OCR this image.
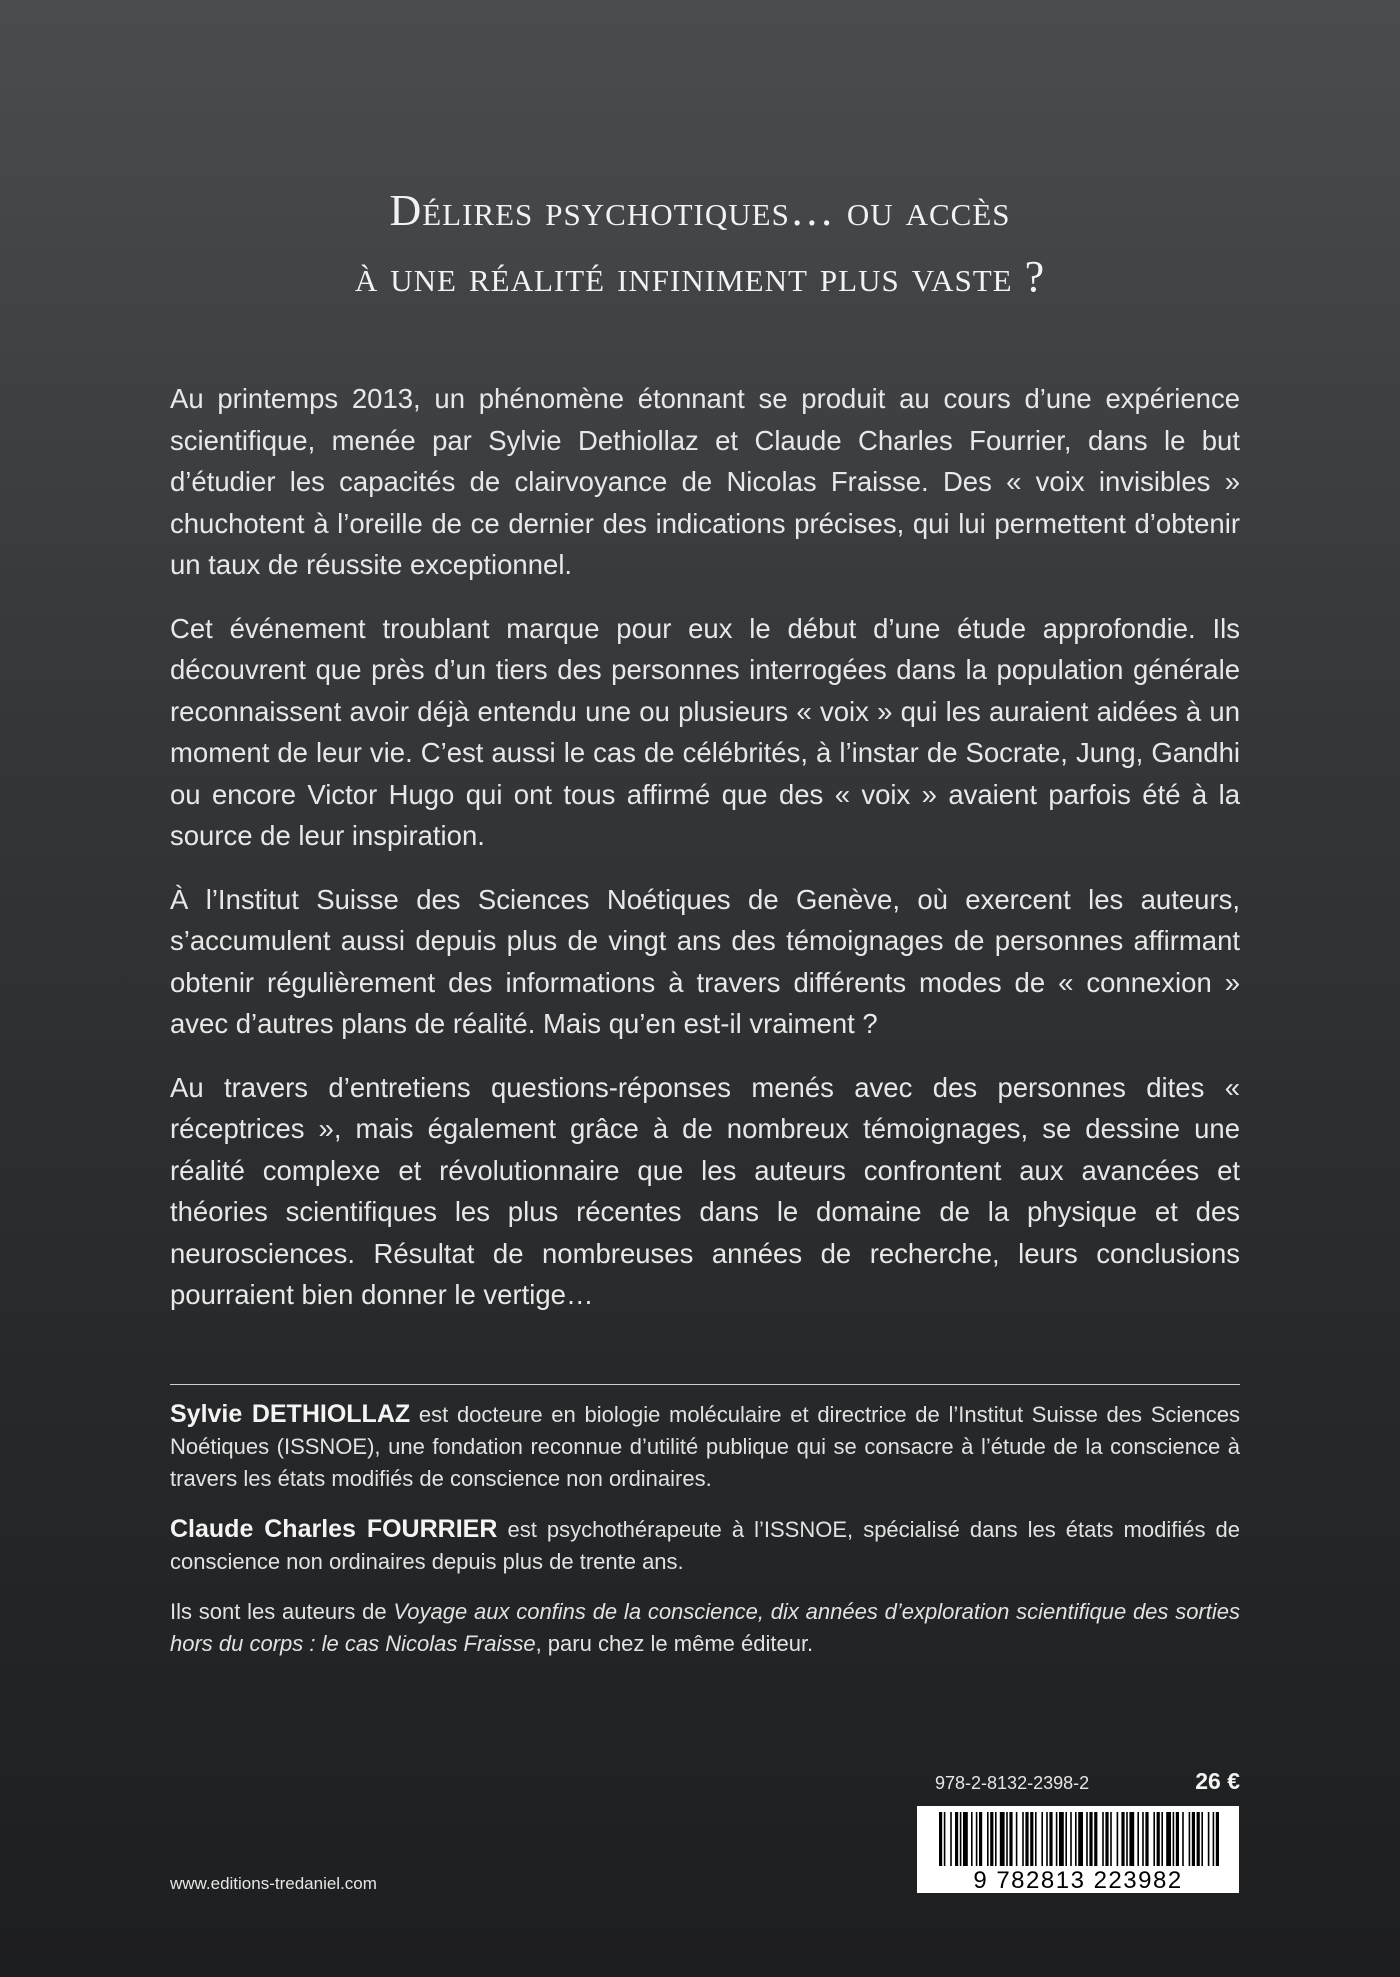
Délires psychotiques… ou accès
à une réalité infiniment plus vaste ?

Au printemps 2013, un phénomène étonnant se produit au cours d’une expérience scientifique, menée par Sylvie Dethiollaz et Claude Charles Fourrier, dans le but d’étudier les capacités de clairvoyance de Nicolas Fraisse. Des « voix invisibles » chuchotent à l’oreille de ce dernier des indications précises, qui lui permettent d’obtenir un taux de réussite exceptionnel.

Cet événement troublant marque pour eux le début d’une étude approfondie. Ils découvrent que près d’un tiers des personnes interrogées dans la population générale reconnaissent avoir déjà entendu une ou plusieurs « voix » qui les auraient aidées à un moment de leur vie. C’est aussi le cas de célébrités, à l’instar de Socrate, Jung, Gandhi ou encore Victor Hugo qui ont tous affirmé que des « voix » avaient parfois été à la source de leur inspiration.

À l’Institut Suisse des Sciences Noétiques de Genève, où exercent les auteurs, s’accumulent aussi depuis plus de vingt ans des témoignages de personnes affirmant obtenir régulièrement des informations à travers différents modes de « connexion » avec d’autres plans de réalité. Mais qu’en est-il vraiment ?

Au travers d’entretiens questions-réponses menés avec des personnes dites « réceptrices », mais également grâce à de nombreux témoignages, se dessine une réalité complexe et révolutionnaire que les auteurs confrontent aux avancées et théories scientifiques les plus récentes dans le domaine de la physique et des neurosciences. Résultat de nombreuses années de recherche, leurs conclusions pourraient bien donner le vertige…

Sylvie DETHIOLLAZ est docteure en biologie moléculaire et directrice de l’Institut Suisse des Sciences Noétiques (ISSNOE), une fondation reconnue d’utilité publique qui se consacre à l’étude de la conscience à travers les états modifiés de conscience non ordinaires.

Claude Charles FOURRIER est psychothérapeute à l’ISSNOE, spécialisé dans les états modifiés de conscience non ordinaires depuis plus de trente ans.

Ils sont les auteurs de Voyage aux confins de la conscience, dix années d’exploration scientifique des sorties hors du corps : le cas Nicolas Fraisse, paru chez le même éditeur.

978-2-8132-2398-2	26 €
9 782813 223982
www.editions-tredaniel.com
